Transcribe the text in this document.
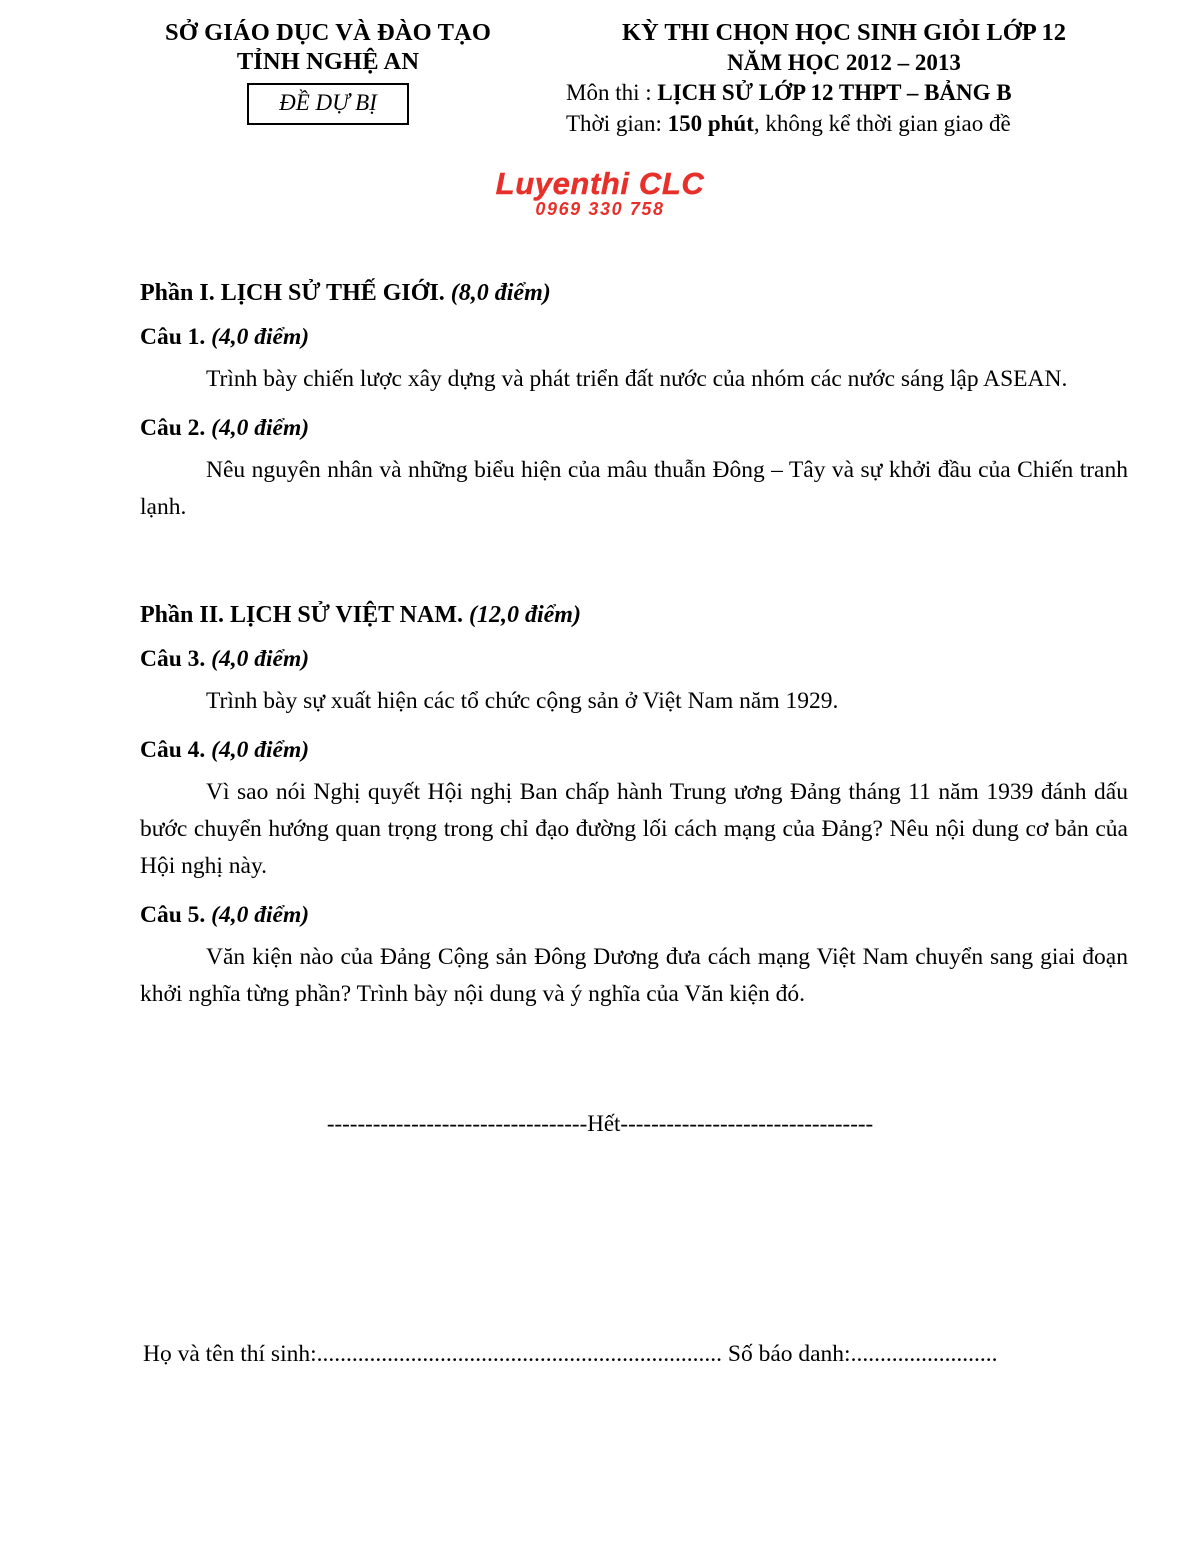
SỞ GIÁO DỤC VÀ ĐÀO TẠO
TỈNH NGHỆ AN
ĐỀ DỰ BỊ
KỲ THI CHỌN HỌC SINH GIỎI LỚP 12
NĂM HỌC 2012 – 2013
Môn thi : LỊCH SỬ LỚP 12 THPT – BẢNG B
Thời gian: 150 phút, không kể thời gian giao đề
Luyenthi CLC
0969 330 758
Phần I. LỊCH SỬ THẾ GIỚI. (8,0 điểm)
Câu 1. (4,0 điểm)
Trình bày chiến lược xây dựng và phát triển đất nước của nhóm các nước sáng lập ASEAN.
Câu 2. (4,0 điểm)
Nêu nguyên nhân và những biểu hiện của mâu thuẫn Đông – Tây và sự khởi đầu của Chiến tranh lạnh.
Phần II. LỊCH SỬ VIỆT NAM. (12,0 điểm)
Câu 3. (4,0 điểm)
Trình bày sự xuất hiện các tổ chức cộng sản ở Việt Nam năm 1929.
Câu 4. (4,0 điểm)
Vì sao nói Nghị quyết Hội nghị Ban chấp hành Trung ương Đảng tháng 11 năm 1939 đánh dấu bước chuyển hướng quan trọng trong chỉ đạo đường lối cách mạng của Đảng? Nêu nội dung cơ bản của Hội nghị này.
Câu 5. (4,0 điểm)
Văn kiện nào của Đảng Cộng sản Đông Dương đưa cách mạng Việt Nam chuyển sang giai đoạn khởi nghĩa từng phần? Trình bày nội dung và ý nghĩa của Văn kiện đó.
----------------------------------Hết---------------------------------
Họ và tên thí sinh:..................................................................... Số báo danh:.........................
